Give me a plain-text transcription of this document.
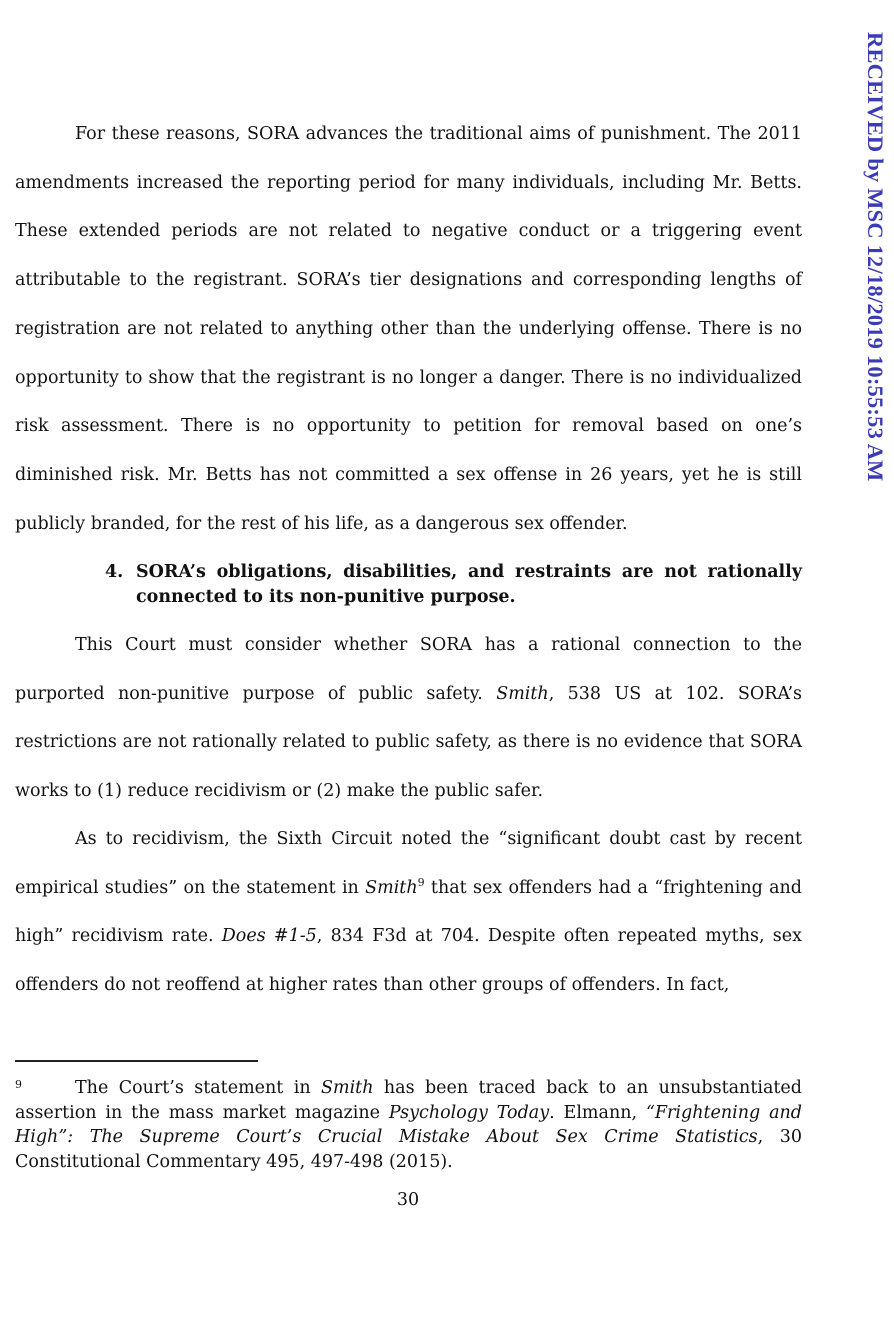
RECEIVED by MSC 12/18/2019 10:55:53 AM

For these reasons, SORA advances the traditional aims of punishment. The 2011 amendments increased the reporting period for many individuals, including Mr. Betts. These extended periods are not related to negative conduct or a triggering event attributable to the registrant. SORA’s tier designations and corresponding lengths of registration are not related to anything other than the underlying offense. There is no opportunity to show that the registrant is no longer a danger. There is no individualized risk assessment. There is no opportunity to petition for removal based on one’s diminished risk. Mr. Betts has not committed a sex offense in 26 years, yet he is still publicly branded, for the rest of his life, as a dangerous sex offender.

4. SORA’s obligations, disabilities, and restraints are not rationally connected to its non-punitive purpose.

This Court must consider whether SORA has a rational connection to the purported non-punitive purpose of public safety. Smith, 538 US at 102. SORA’s restrictions are not rationally related to public safety, as there is no evidence that SORA works to (1) reduce recidivism or (2) make the public safer.

As to recidivism, the Sixth Circuit noted the “significant doubt cast by recent empirical studies” on the statement in Smith$^9$ that sex offenders had a “frightening and high” recidivism rate. Does #1-5, 834 F3d at 704. Despite often repeated myths, sex offenders do not reoffend at higher rates than other groups of offenders. In fact,

9	The Court’s statement in Smith has been traced back to an unsubstantiated assertion in the mass market magazine Psychology Today. Elmann, “Frightening and High”: The Supreme Court’s Crucial Mistake About Sex Crime Statistics, 30 Constitutional Commentary 495, 497-498 (2015).

30
